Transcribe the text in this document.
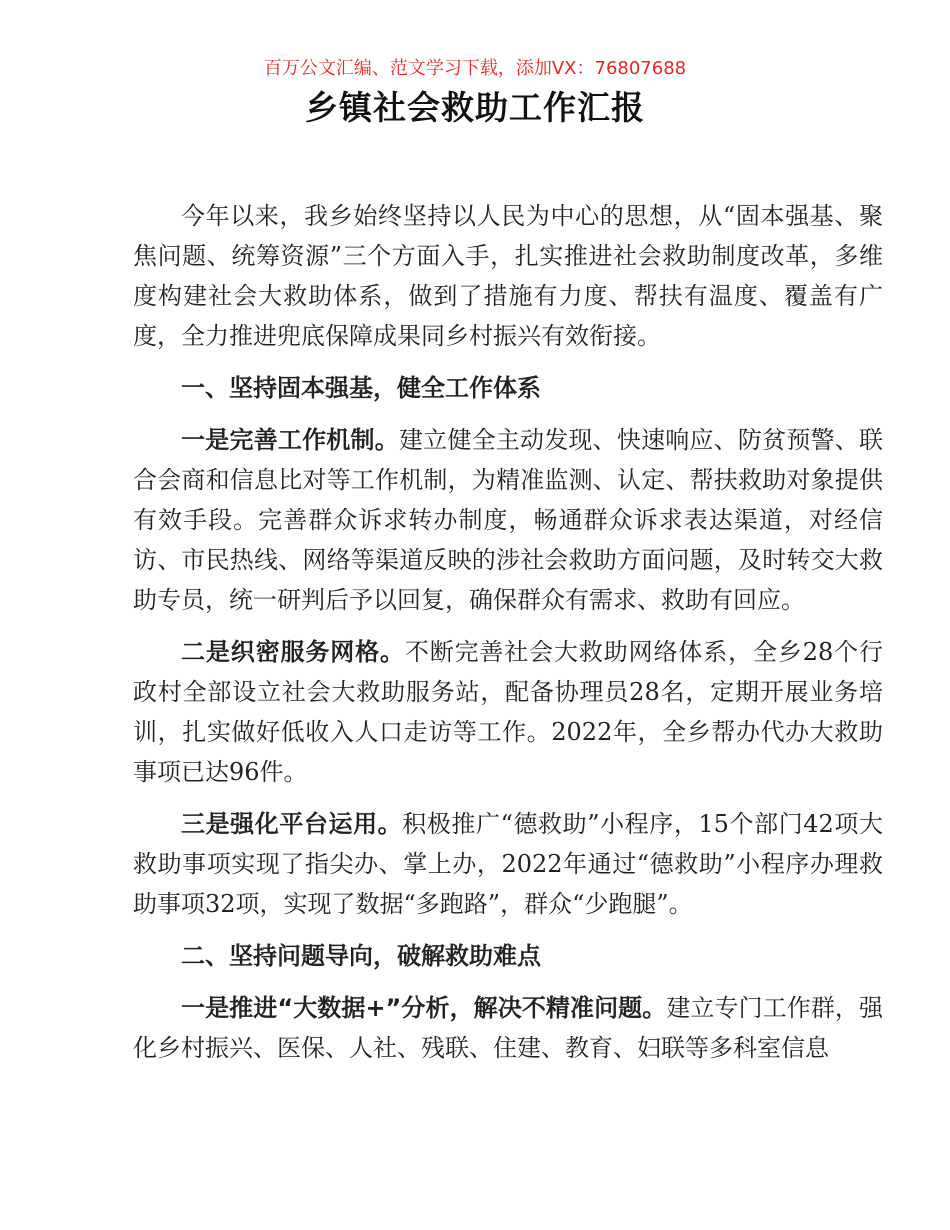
百万公文汇编、范文学习下载，添加VX：76807688
乡镇社会救助工作汇报

今年以来，我乡始终坚持以人民为中心的思想，从“固本强基、聚焦问题、统筹资源”三个方面入手，扎实推进社会救助制度改革，多维度构建社会大救助体系，做到了措施有力度、帮扶有温度、覆盖有广度，全力推进兜底保障成果同乡村振兴有效衔接。

一、坚持固本强基，健全工作体系

一是完善工作机制。建立健全主动发现、快速响应、防贫预警、联合会商和信息比对等工作机制，为精准监测、认定、帮扶救助对象提供有效手段。完善群众诉求转办制度，畅通群众诉求表达渠道，对经信访、市民热线、网络等渠道反映的涉社会救助方面问题，及时转交大救助专员，统一研判后予以回复，确保群众有需求、救助有回应。

二是织密服务网格。不断完善社会大救助网络体系，全乡28个行政村全部设立社会大救助服务站，配备协理员28名，定期开展业务培训，扎实做好低收入人口走访等工作。2022年，全乡帮办代办大救助事项已达96件。

三是强化平台运用。积极推广“德救助”小程序，15个部门42项大救助事项实现了指尖办、掌上办，2022年通过“德救助”小程序办理救助事项32项，实现了数据“多跑路”，群众“少跑腿”。

二、坚持问题导向，破解救助难点

一是推进“大数据+”分析，解决不精准问题。建立专门工作群，强化乡村振兴、医保、人社、残联、住建、教育、妇联等多科室信息
